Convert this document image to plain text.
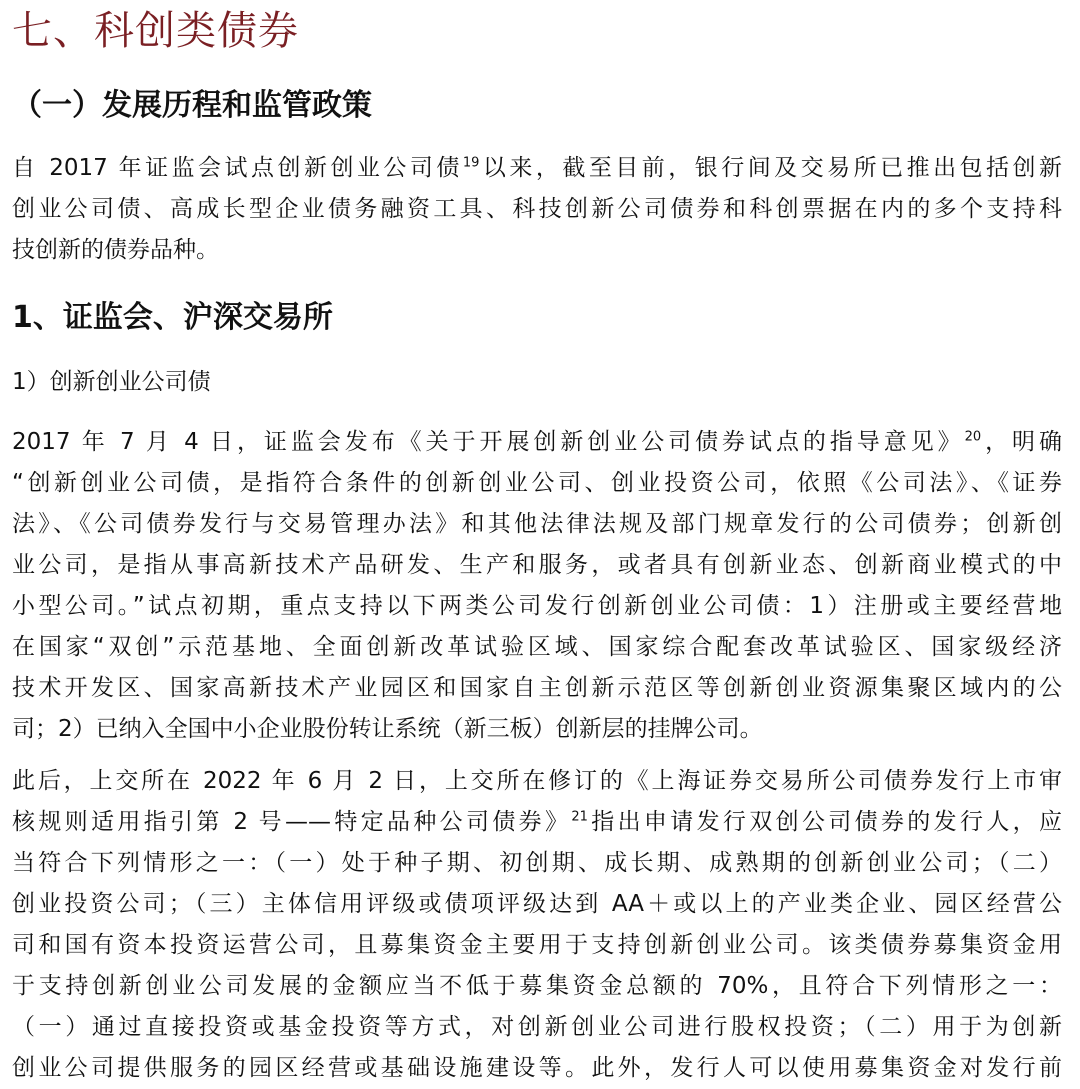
七、科创类债券
（一）发展历程和监管政策
自 2017 年证监会试点创新创业公司债$^{19}$以来，截至目前，银行间及交易所已推出包括创新
创业公司债、高成长型企业债务融资工具、科技创新公司债券和科创票据在内的多个支持科
技创新的债券品种。
1、证监会、沪深交易所

1）创新创业公司债

2017 年 7 月 4 日，证监会发布《关于开展创新创业公司债券试点的指导意见》$^{20}$，明确
“创新创业公司债，是指符合条件的创新创业公司、创业投资公司，依照《公司法》、《证券
法》、《公司债券发行与交易管理办法》和其他法律法规及部门规章发行的公司债券；创新创
业公司，是指从事高新技术产品研发、生产和服务，或者具有创新业态、创新商业模式的中
小型公司。”试点初期，重点支持以下两类公司发行创新创业公司债：1）注册或主要经营地
在国家“双创”示范基地、全面创新改革试验区域、国家综合配套改革试验区、国家级经济
技术开发区、国家高新技术产业园区和国家自主创新示范区等创新创业资源集聚区域内的公
司；2）已纳入全国中小企业股份转让系统（新三板）创新层的挂牌公司。
此后，上交所在 2022 年 6 月 2 日，上交所在修订的《上海证券交易所公司债券发行上市审
核规则适用指引第 2 号——特定品种公司债券》$^{21}$指出申请发行双创公司债券的发行人，应
当符合下列情形之一：（一）处于种子期、初创期、成长期、成熟期的创新创业公司；（二）
创业投资公司；（三）主体信用评级或债项评级达到 AA＋或以上的产业类企业、园区经营公
司和国有资本投资运营公司，且募集资金主要用于支持创新创业公司。该类债券募集资金用
于支持创新创业公司发展的金额应当不低于募集资金总额的 70%，且符合下列情形之一：
（一）通过直接投资或基金投资等方式，对创新创业公司进行股权投资；（二）用于为创新
创业公司提供服务的园区经营或基础设施建设等。此外，发行人可以使用募集资金对发行前
